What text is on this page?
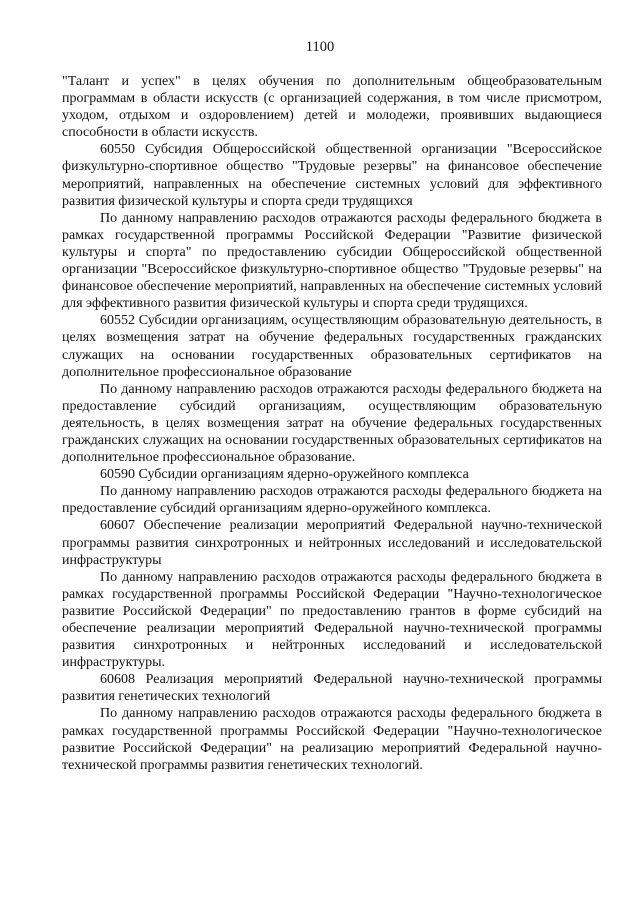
1100

"Талант и успех" в целях обучения по дополнительным общеобразовательным программам в области искусств (с организацией содержания, в том числе присмотром, уходом, отдыхом и оздоровлением) детей и молодежи, проявивших выдающиеся способности в области искусств.

60550 Субсидия Общероссийской общественной организации "Всероссийское физкультурно-спортивное общество "Трудовые резервы" на финансовое обеспечение мероприятий, направленных на обеспечение системных условий для эффективного развития физической культуры и спорта среди трудящихся

По данному направлению расходов отражаются расходы федерального бюджета в рамках государственной программы Российской Федерации "Развитие физической культуры и спорта" по предоставлению субсидии Общероссийской общественной организации "Всероссийское физкультурно-спортивное общество "Трудовые резервы" на финансовое обеспечение мероприятий, направленных на обеспечение системных условий для эффективного развития физической культуры и спорта среди трудящихся.

60552 Субсидии организациям, осуществляющим образовательную деятельность, в целях возмещения затрат на обучение федеральных государственных гражданских служащих на основании государственных образовательных сертификатов на дополнительное профессиональное образование

По данному направлению расходов отражаются расходы федерального бюджета на предоставление субсидий организациям, осуществляющим образовательную деятельность, в целях возмещения затрат на обучение федеральных государственных гражданских служащих на основании государственных образовательных сертификатов на дополнительное профессиональное образование.

60590 Субсидии организациям ядерно-оружейного комплекса

По данному направлению расходов отражаются расходы федерального бюджета на предоставление субсидий организациям ядерно-оружейного комплекса.

60607 Обеспечение реализации мероприятий Федеральной научно-технической программы развития синхротронных и нейтронных исследований и исследовательской инфраструктуры

По данному направлению расходов отражаются расходы федерального бюджета в рамках государственной программы Российской Федерации "Научно-технологическое развитие Российской Федерации" по предоставлению грантов в форме субсидий на обеспечение реализации мероприятий Федеральной научно-технической программы развития синхротронных и нейтронных исследований и исследовательской инфраструктуры.

60608 Реализация мероприятий Федеральной научно-технической программы развития генетических технологий

По данному направлению расходов отражаются расходы федерального бюджета в рамках государственной программы Российской Федерации "Научно-технологическое развитие Российской Федерации" на реализацию мероприятий Федеральной научно-технической программы развития генетических технологий.
